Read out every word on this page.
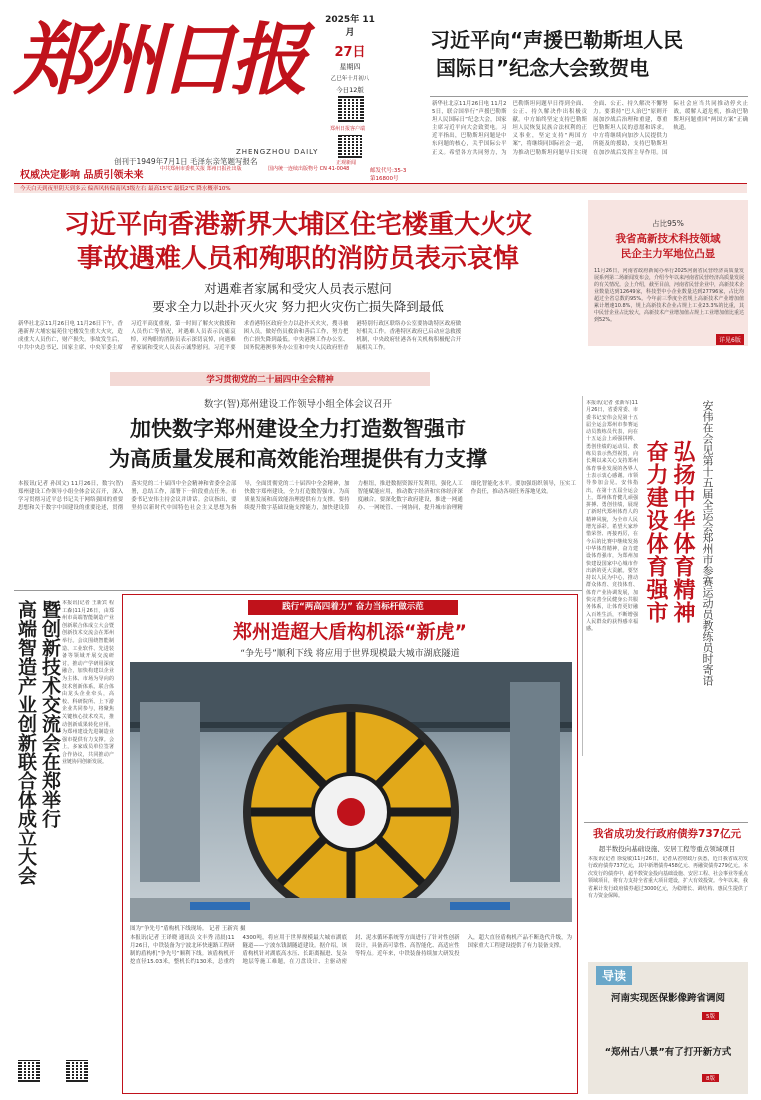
郑州日报
ZHENGZHOU DAILY
创刊于1949年7月1日 毛泽东亲笔题写报名
2025年 11月
27日
星期四
乙巳年十月初八
今日12版
郑州日报客户端
正观新闻
权威决定影响 品质引领未来
中共郑州市委机关报 郑州日报社出版	国内统一连续出版物号 CN 41-0048	邮发代号:35-3
第16800号
今天白天到夜里阴天到多云 偏西风转偏南风3级左右 最高15℃ 最低2℃ 降水概率10%
习近平向“声援巴勒斯坦人民
国际日”纪念大会致贺电
新华社北京11月26日电 11月25日，联合国举行“声援巴勒斯坦人民国际日”纪念大会，国家主席习近平向大会致贺电。习近平指出，巴勒斯坦问题是中东问题的核心，关乎国际公平正义。希望各方共同努力，为巴勒斯坦问题早日得到全面、公正、持久解决作出积极贡献。中方始终坚定支持巴勒斯坦人民恢复民族合法权利的正义事业，坚定支持“两国方案”，将继续同国际社会一道，为推动巴勒斯坦问题早日实现全面、公正、持久解决不懈努力。要秉持“巴人治巴”原则开展加沙战后治理和重建，尊重巴勒斯坦人民的意愿和诉求。中方将继续向加沙人民提供力所能及的援助，支持巴勒斯坦在加沙战后发挥主导作用。国际社会应当共同推动停火止战，缓解人道危机，推动巴勒斯坦问题重回“两国方案”正确轨道。
习近平向香港新界大埔区住宅楼重大火灾
事故遇难人员和殉职的消防员表示哀悼
对遇难者家属和受灾人员表示慰问
要求全力以赴扑灭火灾 努力把火灾伤亡损失降到最低
新华社北京11月26日电 11月26日下午，香港新界大埔宏福苑住宅楼发生重大火灾，造成重大人员伤亡，财产损失。事故发生后，中共中央总书记、国家主席、中央军委主席习近平高度重视，第一时间了解火灾救援和人员伤亡等情况，对遇难人员表示沉痛哀悼，对殉职的消防员表示深切哀悼，向遇难者家属和受灾人员表示诚挚慰问。习近平要求香港特区政府全力以赴扑灭火灾，搜寻被困人员，做好伤员救治和善后工作，努力把伤亡损失降到最低。中央港澳工作办公室、国务院港澳事务办公室和中央人民政府驻香港特别行政区联络办公室要协助特区政府做好相关工作。香港特区政府已启动应急救援机制，中央政府驻港各有关机构积极配合开展相关工作。
占比95%
我省高新技术科技领域
民企主力军地位凸显
11月26日，河南省政府新闻办举行2025河南省民营经济高质量发展系列第二场新闻发布会，介绍今年以来河南省民营经济高质量发展的有关情况。会上介绍，截至目前，河南省民营企业中，高新技术企业数量达到12649家，科技型中小企业数量达到27796家，占比均超过全省总数的95%。今年前三季度全省规上高新技术产业增加值累计增速10.8%，规上高新技术企业占规上工业23.3%的比重，其中民营企业占比较大，高新技术产业增加值占规上工业增加值比重达到52%。
详见6版
学习贯彻党的二十届四中全会精神
数字(智)郑州建设工作领导小组全体会议召开
加快数字郑州建设全力打造数智强市
为高质量发展和高效能治理提供有力支撑
本报讯(记者 孙国文) 11月26日，数字(智)郑州建设工作领导小组全体会议召开，深入学习贯彻习近平总书记关于网络强国的重要思想和关于数字中国建设的重要论述，贯彻落实党的二十届四中全会精神和省委全会部署，总结工作，部署下一阶段重点任务。市委书记安伟主持会议并讲话。会议指出，要坚持以新时代中国特色社会主义思想为指导，全面贯彻党的二十届四中全会精神，加快数字郑州建设，全力打造数智强市，为高质量发展和高效能治理提供有力支撑。要持续提升数字基础设施支撑能力，加快建设算力枢纽，推进数据资源开发利用，强化人工智能赋能应用，推动数字经济和实体经济深度融合。要深化数字政府建设，推进一网通办、一网统管、一网协同，提升城市治理精细化智能化水平。要加强组织领导，压实工作责任，推动各项任务落地见效。
本报讯(记者 张新军)11月26日，省委常委、市委书记安伟会见第十五届全运会郑州市参赛运动员教练员代表，向在十五运会上顽强拼搏、勇创佳绩的运动员、教练员表示热烈祝贺，向长期以来关心支持郑州体育事业发展的各界人士表示衷心感谢。市领导参加会见。安伟指出，在第十五届全运会上，郑州体育健儿顽强拼搏、勇创佳绩，展现了新时代郑州体育人的精神风貌，为全市人民增光添彩。希望大家珍惜荣誉、再接再厉，在今后的比赛中继续发扬中华体育精神，奋力建设体育强市，为郑州加快建设国家中心城市作出新的更大贡献。要坚持以人民为中心，推动群众体育、竞技体育、体育产业协调发展，加快完善全民健身公共服务体系，让体育更好融入百姓生活，不断增强人民群众的获得感幸福感。
弘扬中华体育精神
奋力建设体育强市	安伟在会见第十五届全运会郑州市参赛运动员教练员时寄语
暨创新技术交流会在郑举行
高端智造产业创新联合体成立大会	本报讯(记者 王新宾 程工森)11月26日，由郑州市高端智能制造产业创新联合体成立大会暨创新技术交流会在郑州举行。会议围绕智能制造、工业软件、先进装备等领域开展交流研讨，推动产学研用深度融合，加快构建以企业为主体、市场为导向的技术创新体系。联合体由龙头企业牵头，高校、科研院所、上下游企业共同参与，将聚焦关键核心技术攻关，推动创新成果转化应用，为郑州建设先进制造业强市提供有力支撑。会上，多家成员单位签署合作协议，共同推动产业链协同创新发展。
践行“两高四着力” 奋力当标杆做示范
郑州造超大盾构机添“新虎”
“争先号”顺利下线 将应用于世界现模最大城市湖底隧道
图为“争先号”盾构机下线现场。 记者 王新宾 摄
本报讯(记者 王译晓 通讯员 文丰秀 清晨)11月26日，中铁装备为宁波北环快速路工程研制的盾构机“争先号”顺利下线。该盾构机开挖直径15.03米，整机长约130米，总重约4300吨，将应用于世界规模最大城市湖底隧道——宁波东钱湖隧道建设。据介绍，该盾构机针对湖底高水压、长距离掘进、复杂地层等施工难题，在刀盘设计、主驱动密封、泥水循环系统等方面进行了针对性创新设计，具备高可靠性、高智能化、高适应性等特点。近年来，中铁装备持续加大研发投入，超大直径盾构机产品不断迭代升级，为国家重大工程建设提供了有力装备支撑。
我省成功发行政府债券737亿元
超半数投向基础设施、安居工程等重点领域项目
本报讯(记者 徐爱敏)11月26日，记者从省财政厅获悉，近日我省成功发行政府债券737亿元，其中新增债券458亿元、再融资债券279亿元。本次发行的债券中，超半数资金投向基础设施、安居工程、社会事业等重点领域项目，将有力支持全省重大项目建设，扩大有效投资。今年以来，我省累计发行政府债券超过3000亿元，为稳增长、调结构、惠民生提供了有力资金保障。
导读
河南实现医保影像跨省调阅
5版
“郑州古八景”有了打开新方式
8版
